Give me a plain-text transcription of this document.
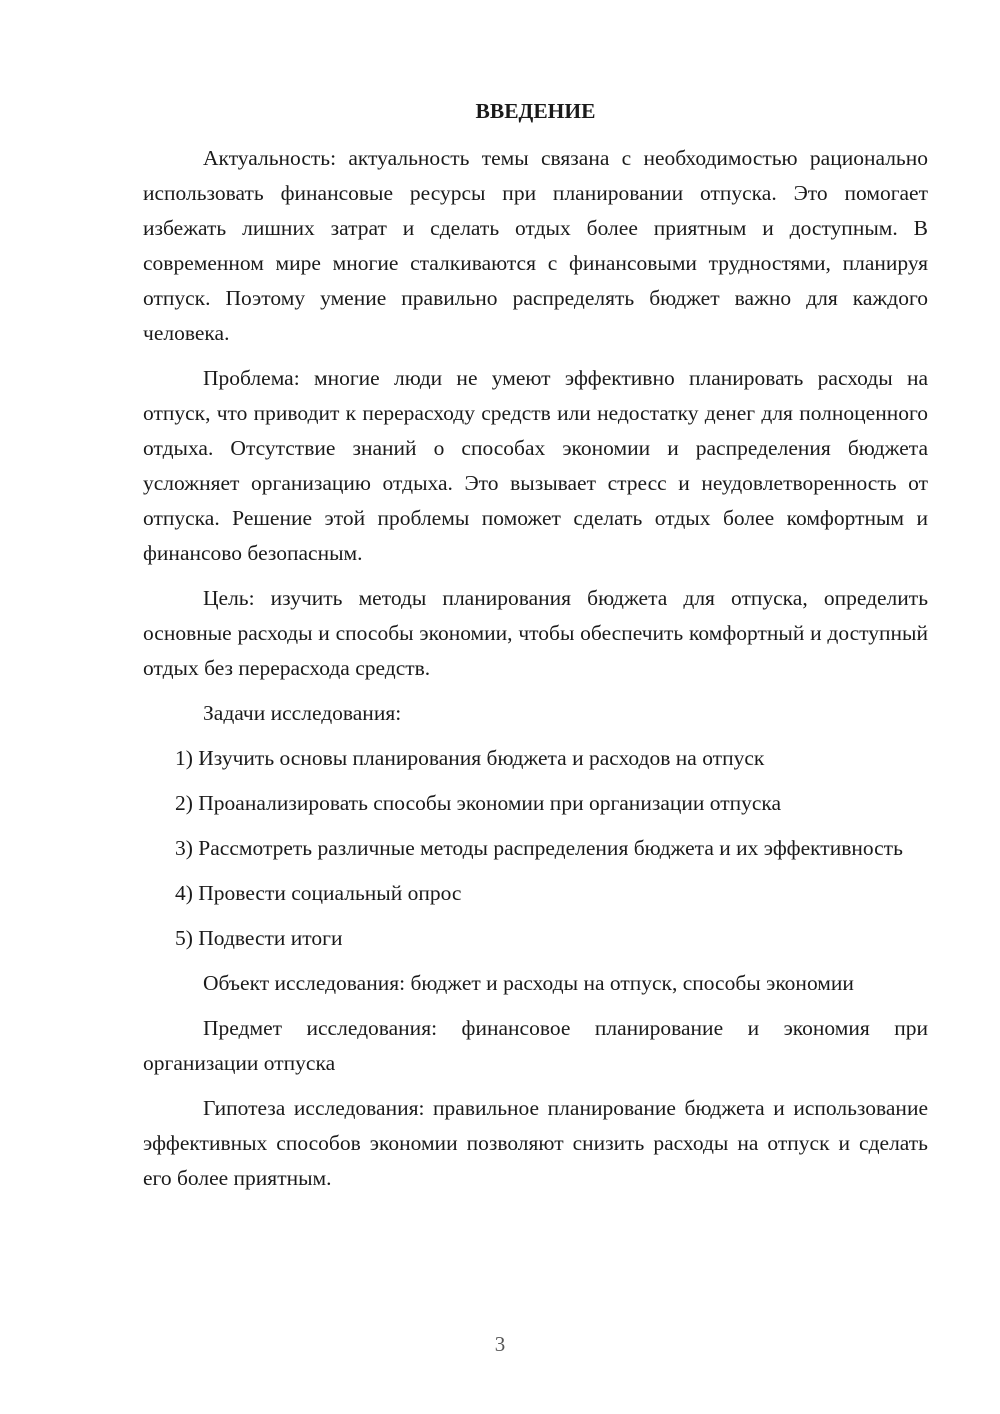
ВВЕДЕНИЕ

Актуальность: актуальность темы связана с необходимостью рационально использовать финансовые ресурсы при планировании отпуска. Это помогает избежать лишних затрат и сделать отдых более приятным и доступным. В современном мире многие сталкиваются с финансовыми трудностями, планируя отпуск. Поэтому умение правильно распределять бюджет важно для каждого человека.

Проблема: многие люди не умеют эффективно планировать расходы на отпуск, что приводит к перерасходу средств или недостатку денег для полноценного отдыха. Отсутствие знаний о способах экономии и распределения бюджета усложняет организацию отдыха. Это вызывает стресс и неудовлетворенность от отпуска. Решение этой проблемы поможет сделать отдых более комфортным и финансово безопасным.

Цель: изучить методы планирования бюджета для отпуска, определить основные расходы и способы экономии, чтобы обеспечить комфортный и доступный отдых без перерасхода средств.

Задачи исследования:

1) Изучить основы планирования бюджета и расходов на отпуск

2) Проанализировать способы экономии при организации отпуска

3) Рассмотреть различные методы распределения бюджета и их эффективность

4) Провести социальный опрос

5) Подвести итоги

Объект исследования: бюджет и расходы на отпуск, способы экономии

Предмет исследования: финансовое планирование и экономия при организации отпуска

Гипотеза исследования: правильное планирование бюджета и использование эффективных способов экономии позволяют снизить расходы на отпуск и сделать его более приятным.

3
